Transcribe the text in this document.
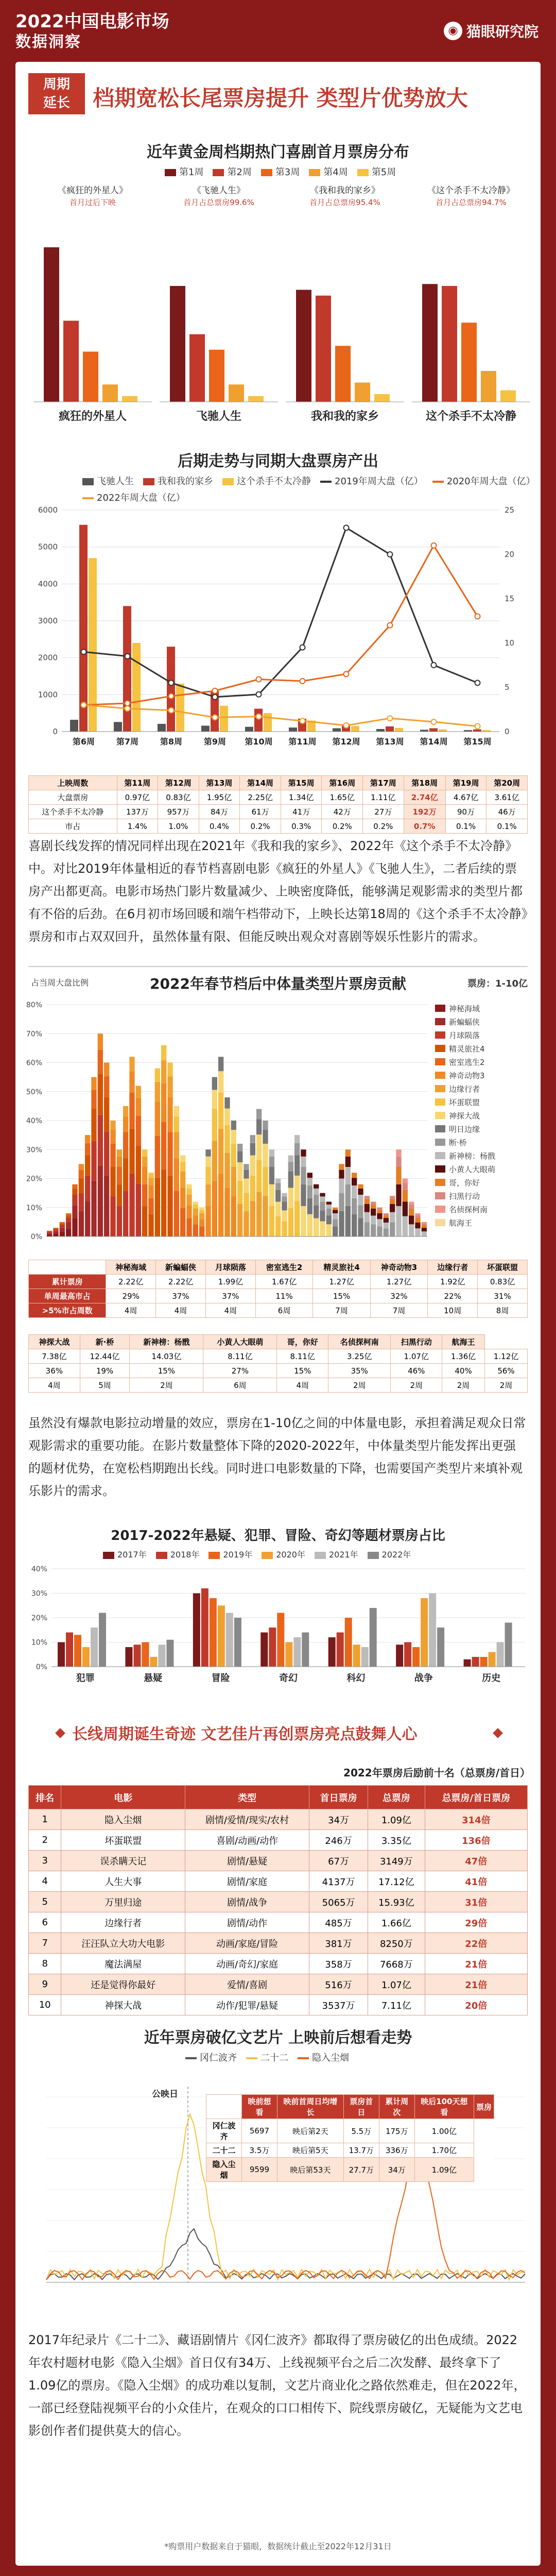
2022中国电影市场
数据洞察
◉ 猫眼研究院
周期
延长	档期宽松长尾票房提升 类型片优势放大
近年黄金周档期热门喜剧首月票房分布
第1周	第2周	第3周	第4周	第5周
《疯狂的外星人》
首月过后下映
疯狂的外星人
《飞驰人生》
首月占总票房99.6%
飞驰人生
《我和我的家乡》
首月占总票房95.4%
我和我的家乡
《这个杀手不太冷静》
首月占总票房94.7%
这个杀手不太冷静
后期走势与同期大盘票房产出
飞驰人生	我和我的家乡	这个杀手不太冷静	2019年周大盘（亿）	2020年周大盘（亿）
2022年周大盘（亿）
0
1000
2000
3000
4000
5000
6000
0
5
10
15
20
25
第6周	第7周	第8周	第9周 第10周 第11周 第12周 第13周 第14周 第15周
上映周数	第11周	第12周	第13周	第14周	第15周	第16周	第17周	第18周	第19周	第20周
大盘票房	0.97亿	0.83亿	1.95亿	2.25亿	1.34亿	1.65亿	1.11亿	2.74亿	4.67亿	3.61亿
这个杀手不太冷静	137万	957万	84万	61万	41万	42万	27万	192万	90万	46万
市占	1.4%	1.0%	0.4%	0.2%	0.3%	0.2%	0.2%	0.7%	0.1%	0.1%
喜剧长线发挥的情况同样出现在2021年《我和我的家乡》、2022年《这个杀手不太冷静》中。对比2019年体量相近的春节档喜剧电影《疯狂的外星人》《飞驰人生》，二者后续的票房产出都更高。电影市场热门影片数量减少、上映密度降低，能够满足观影需求的类型片都有不俗的后劲。在6月初市场回暖和端午档带动下，上映长达第18周的《这个杀手不太冷静》票房和市占双双回升，虽然体量有限、但能反映出观众对喜剧等娱乐性影片的需求。
占当周大盘比例	2022年春节档后中体量类型片票房贡献	票房：1-10亿
0%
10%
20%
30%
40%
50%
60%
70%
80%	神秘海域
新蝙蝠侠
月球陨落
精灵旅社4
密室逃生2
神奇动物3
边缘行者
坏蛋联盟
神探大战
明日边缘
断·桥
新神榜：杨戬
小黄人大眼萌
哥，你好
扫黑行动
名侦探柯南
航海王
	神秘海域	新蝙蝠侠	月球陨落	密室逃生2	精灵旅社4	神奇动物3	边缘行者	坏蛋联盟
累计票房	2.22亿	2.22亿	1.99亿	1.67亿	1.27亿	1.27亿	1.92亿	0.83亿
单周最高市占	29%	37%	37%	11%	15%	32%	22%	31%
>5%市占周数	4周	4周	4周	6周	7周	7周	10周	8周
神探大战	新·桥	新神榜：杨戬	小黄人大眼萌	哥，你好	名侦探柯南	扫黑行动	航海王	
7.38亿	12.44亿	14.03亿	8.11亿	8.11亿	3.25亿	1.07亿	1.36亿	1.12亿
36%	19%	15%	27%	15%	35%	46%	40%	56%
4周	5周	2周	6周	4周	2周	2周	2周	2周
虽然没有爆款电影拉动增量的效应，票房在1-10亿之间的中体量电影，承担着满足观众日常观影需求的重要功能。在影片数量整体下降的2020-2022年，中体量类型片能发挥出更强的题材优势，在宽松档期跑出长线。同时进口电影数量的下降，也需要国产类型片来填补观乐影片的需求。
2017-2022年悬疑、犯罪、冒险、奇幻等题材票房占比
2017年	2018年	2019年	2020年	2021年	2022年
0%
10%
20%
30%
40%
犯罪	悬疑	冒险	奇幻	科幻	战争	历史
长线周期诞生奇迹 文艺佳片再创票房亮点鼓舞人心
2022年票房后励前十名（总票房/首日）
排名	电影	类型	首日票房	总票房	总票房/首日票房
1	隐入尘烟	剧情/爱情/现实/农村	34万	1.09亿	314倍
2	坏蛋联盟	喜剧/动画/动作	246万	3.35亿	136倍
3	误杀瞒天记	剧情/悬疑	67万	3149万	47倍
4	人生大事	剧情/家庭	4137万	17.12亿	41倍
5	万里归途	剧情/战争	5065万	15.93亿	31倍
6	边缘行者	剧情/动作	485万	1.66亿	29倍
7	汪汪队立大功大电影	动画/家庭/冒险	381万	8250万	22倍
8	魔法满屋	动画/奇幻/家庭	358万	7668万	21倍
9	还是觉得你最好	爱情/喜剧	516万	1.07亿	21倍
10	神探大战	动作/犯罪/悬疑	3537万	7.11亿	20倍
近年票房破亿文艺片 上映前后想看走势
冈仁波齐	二十二	隐入尘烟
公映日
	映前想看	映前首周日均增长	票房首日	累计周次	映后100天想看	票房
冈仁波齐	5697	映后第2天	5.5万	175万	1.00亿	
二十二	3.5万	映后第5天	13.7万	336万	1.70亿	
隐入尘烟	9599	映后第53天	27.7万	34万	1.09亿	
2017年纪录片《二十二》、藏语剧情片《冈仁波齐》都取得了票房破亿的出色成绩。2022年农村题材电影《隐入尘烟》首日仅有34万、上线视频平台之后二次发酵、最终拿下了1.09亿的票房。《隐入尘烟》的成功难以复制，文艺片商业化之路依然难走，但在2022年，一部已经登陆视频平台的小众佳片，在观众的口口相传下、院线票房破亿，无疑能为文艺电影创作者们提供莫大的信心。
*购票用户数据来自于猫眼，数据统计截止至2022年12月31日
